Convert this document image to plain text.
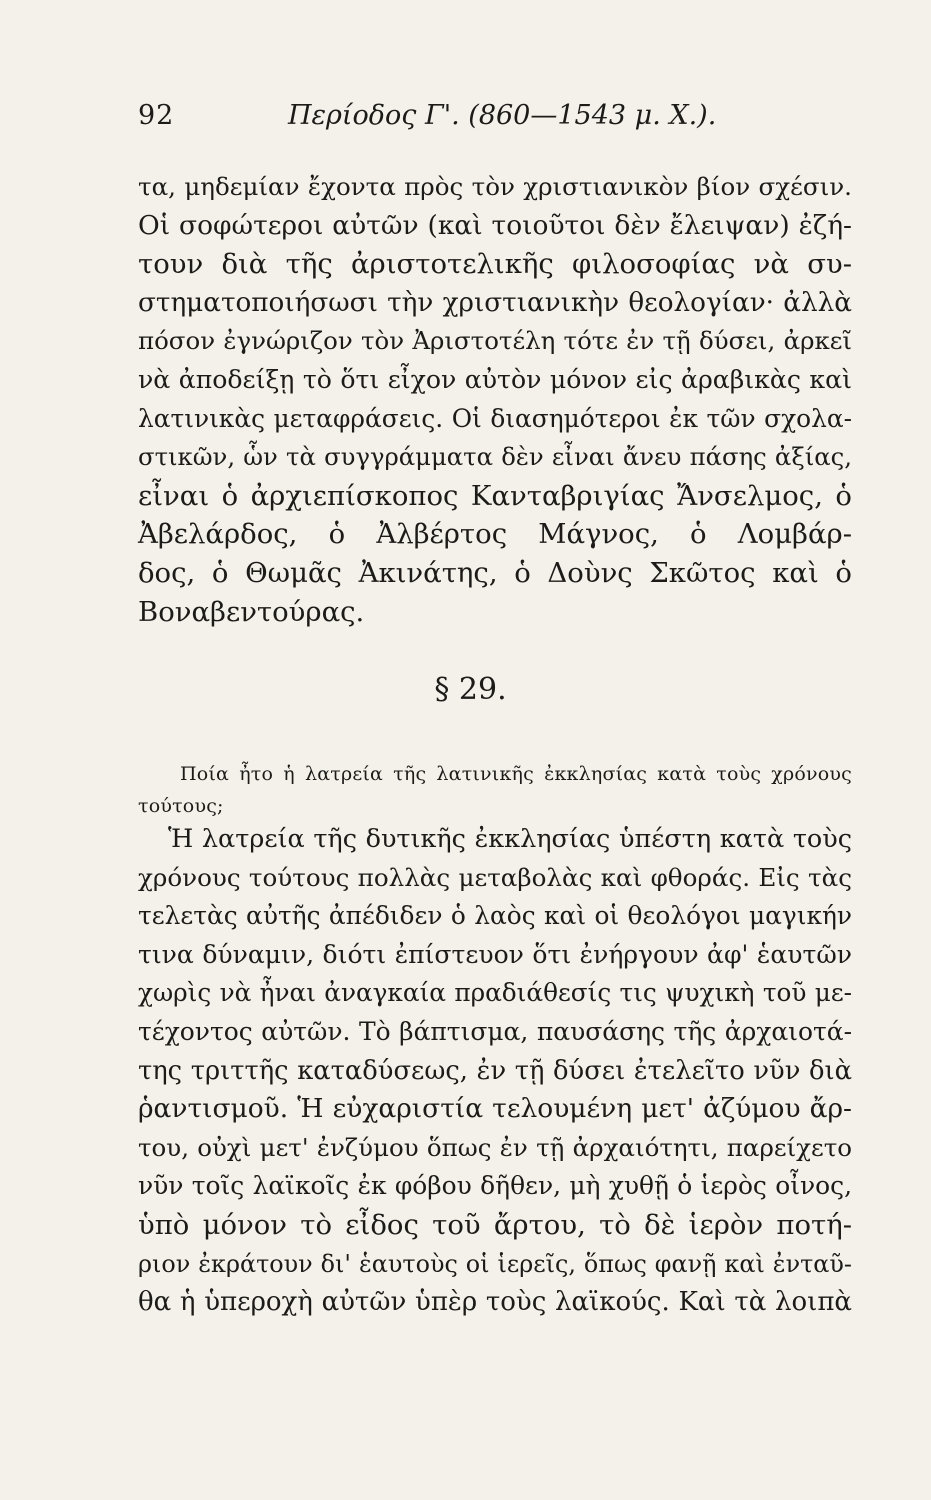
92	Περίοδος Γ'. (860—1543 μ. Χ.).
τα, μηδεμίαν ἔχοντα πρὸς τὸν χριστιανικὸν βίον σχέσιν.
Οἱ σοφώτεροι αὐτῶν (καὶ τοιοῦτοι δὲν ἔλειψαν) ἐζή-
τουν διὰ τῆς ἀριστοτελικῆς φιλοσοφίας νὰ συ-
στηματοποιήσωσι τὴν χριστιανικὴν θεολογίαν· ἀλλὰ
πόσον ἐγνώριζον τὸν Ἀριστοτέλη τότε ἐν τῇ δύσει, ἀρκεῖ
νὰ ἀποδείξῃ τὸ ὅτι εἶχον αὐτὸν μόνον εἰς ἀραβικὰς καὶ
λατινικὰς μεταφράσεις. Οἱ διασημότεροι ἐκ τῶν σχολα-
στικῶν, ὧν τὰ συγγράμματα δὲν εἶναι ἄνευ πάσης ἀξίας,
εἶναι ὁ ἀρχιεπίσκοπος Κανταβριγίας Ἄνσελμος, ὁ
Ἀβελάρδος, ὁ Ἀλβέρτος Μάγνος, ὁ Λομβάρ-
δος, ὁ Θωμᾶς Ἀκινάτης, ὁ Δοὺνς Σκῶτος καὶ ὁ
Βοναβεντούρας.
§ 29.
Ποία ἦτο ἡ λατρεία τῆς λατινικῆς ἐκκλησίας κατὰ τοὺς χρόνους
τούτους;
Ἡ λατρεία τῆς δυτικῆς ἐκκλησίας ὑπέστη κατὰ τοὺς
χρόνους τούτους πολλὰς μεταβολὰς καὶ φθοράς. Εἰς τὰς
τελετὰς αὐτῆς ἀπέδιδεν ὁ λαὸς καὶ οἱ θεολόγοι μαγικήν
τινα δύναμιν, διότι ἐπίστευον ὅτι ἐνήργουν ἀφ' ἑαυτῶν
χωρὶς νὰ ἦναι ἀναγκαία πραδιάθεσίς τις ψυχικὴ τοῦ με-
τέχοντος αὐτῶν. Τὸ βάπτισμα, παυσάσης τῆς ἀρχαιοτά-
της τριττῆς καταδύσεως, ἐν τῇ δύσει ἐτελεῖτο νῦν διὰ
ῥαντισμοῦ. Ἡ εὐχαριστία τελουμένη μετ' ἀζύμου ἄρ-
του, οὐχὶ μετ' ἐνζύμου ὅπως ἐν τῇ ἀρχαιότητι, παρείχετο
νῦν τοῖς λαϊκοῖς ἐκ φόβου δῆθεν, μὴ χυθῇ ὁ ἱερὸς οἶνος,
ὑπὸ μόνον τὸ εἶδος τοῦ ἄρτου, τὸ δὲ ἱερὸν ποτή-
ριον ἐκράτουν δι' ἑαυτοὺς οἱ ἱερεῖς, ὅπως φανῇ καὶ ἐνταῦ-
θα ἡ ὑπεροχὴ αὐτῶν ὑπὲρ τοὺς λαϊκούς. Καὶ τὰ λοιπὰ
